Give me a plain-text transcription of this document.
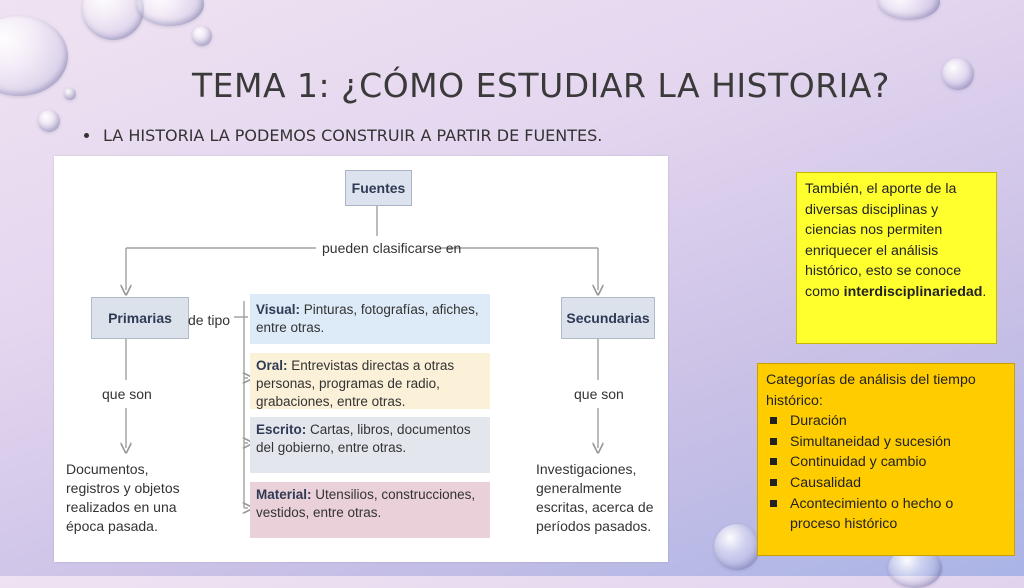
TEMA 1: ¿CÓMO ESTUDIAR LA HISTORIA?
LA HISTORIA LA PODEMOS CONSTRUIR A PARTIR DE FUENTES.
Fuentes
pueden clasificarse en
Primarias	Secundarias
de tipo
Visual: Pinturas, fotografías, afiches, entre otras.
Oral: Entrevistas directas a otras personas, programas de radio, grabaciones, entre otras.
Escrito: Cartas, libros, documentos del gobierno, entre otras.
Material: Utensilios, construcciones, vestidos, entre otras.
que son	que son
Documentos, registros y objetos realizados en una época pasada.
Investigaciones, generalmente escritas, acerca de períodos pasados.
También, el aporte de la diversas disciplinas y ciencias nos permiten enriquecer el análisis histórico, esto se conoce como interdisciplinariedad.
Categorías de análisis del tiempo histórico:
Duración
Simultaneidad y sucesión
Continuidad y cambio
Causalidad
Acontecimiento o hecho o proceso histórico
